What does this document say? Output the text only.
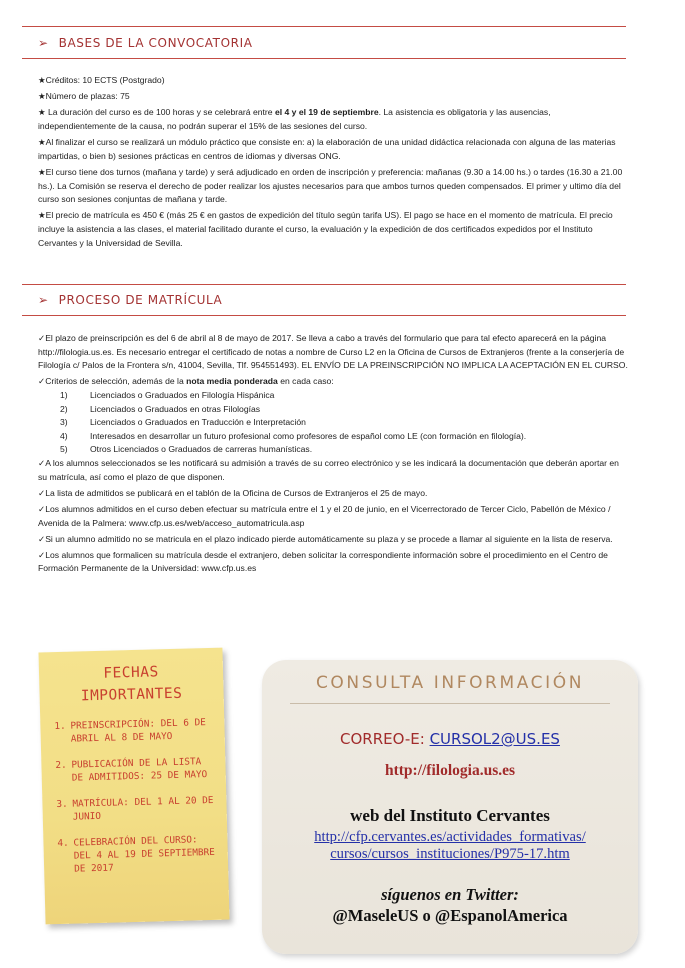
➢ BASES DE LA CONVOCATORIA

★Créditos: 10 ECTS (Postgrado)

★Número de plazas: 75

★ La duración del curso es de 100 horas y se celebrará entre el 4 y el 19 de septiembre. La asistencia es obligatoria y las ausencias, independientemente de la causa, no podrán superar el 15% de las sesiones del curso.

★Al finalizar el curso se realizará un módulo práctico que consiste en: a) la elaboración de una unidad didáctica relacionada con alguna de las materias impartidas, o bien b) sesiones prácticas en centros de idiomas y diversas ONG.

★El curso tiene dos turnos (mañana y tarde) y será adjudicado en orden de inscripción y preferencia: mañanas (9.30 a 14.00 hs.) o tardes (16.30 a 21.00 hs.). La Comisión se reserva el derecho de poder realizar los ajustes necesarios para que ambos turnos queden compensados. El primer y ultimo día del curso son sesiones conjuntas de mañana y tarde.

★El precio de matrícula es 450 € (más 25 € en gastos de expedición del título según tarifa US). El pago se hace en el momento de matrícula. El precio incluye la asistencia a las clases, el material facilitado durante el curso, la evaluación y la expedición de dos certificados expedidos por el Instituto Cervantes y la Universidad de Sevilla.

➢ PROCESO DE MATRÍCULA

✓El plazo de preinscripción es del 6 de abril al 8 de mayo de 2017. Se lleva a cabo a través del formulario que para tal efecto aparecerá en la página http://filologia.us.es. Es necesario entregar el certificado de notas a nombre de Curso L2 en la Oficina de Cursos de Extranjeros (frente a la conserjería de Filología c/ Palos de la Frontera s/n, 41004, Sevilla, Tlf. 954551493). EL ENVÍO DE LA PREINSCRIPCIÓN NO IMPLICA LA ACEPTACIÓN EN EL CURSO.

✓Criterios de selección, además de la nota media ponderada en cada caso:

1)	Licenciados o Graduados en Filología Hispánica
2)	Licenciados o Graduados en otras Filologías
3)	Licenciados o Graduados en Traducción e Interpretación
4)	Interesados en desarrollar un futuro profesional como profesores de español como LE (con formación en filología).
5)	Otros Licenciados o Graduados de carreras humanísticas.

✓A los alumnos seleccionados se les notificará su admisión a través de su correo electrónico y se les indicará la documentación que deberán aportar en su matrícula, así como el plazo de que disponen.

✓La lista de admitidos se publicará en el tablón de la Oficina de Cursos de Extranjeros el 25 de mayo.

✓Los alumnos admitidos en el curso deben efectuar su matrícula entre el 1 y el 20 de junio, en el Vicerrectorado de Tercer Ciclo, Pabellón de México / Avenida de la Palmera: www.cfp.us.es/web/acceso_automatricula.asp

✓Si un alumno admitido no se matricula en el plazo indicado pierde automáticamente su plaza y se procede a llamar al siguiente en la lista de reserva.

✓Los alumnos que formalicen su matrícula desde el extranjero, deben solicitar la correspondiente información sobre el procedimiento en el Centro de Formación Permanente de la Universidad: www.cfp.us.es

FECHAS
IMPORTANTES
1. PREINSCRIPCIÓN: DEL 6 DE ABRIL AL 8 DE MAYO
2. PUBLICACIÓN DE LA LISTA DE ADMITIDOS: 25 DE MAYO
3. MATRÍCULA: DEL 1 AL 20 DE JUNIO
4. CELEBRACIÓN DEL CURSO: DEL 4 AL 19 DE SEPTIEMBRE DE 2017
CONSULTA INFORMACIÓN
CORREO-E: CURSOL2@US.ES
http://filologia.us.es
web del Instituto Cervantes
http://cfp.cervantes.es/actividades_formativas/
cursos/cursos_instituciones/P975-17.htm
síguenos en Twitter:
@MaseleUS o @EspanolAmerica
